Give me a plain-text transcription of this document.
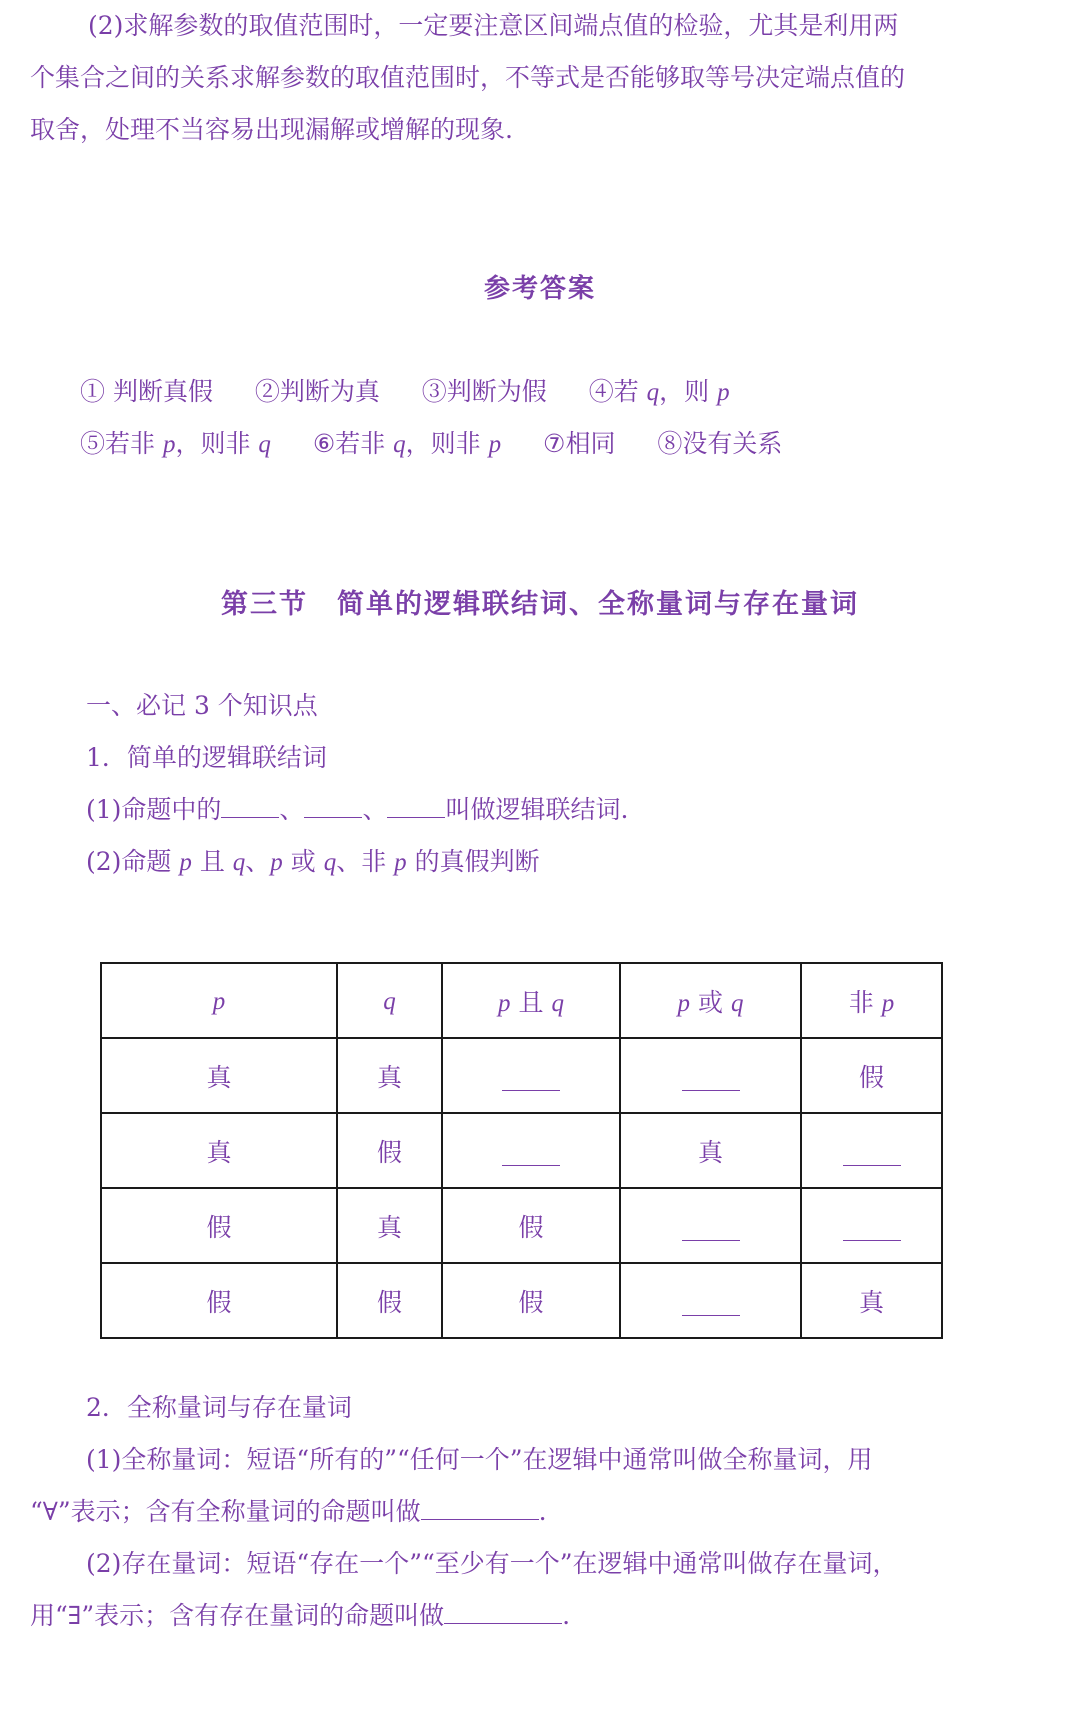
(2)求解参数的取值范围时，一定要注意区间端点值的检验，尤其是利用两
个集合之间的关系求解参数的取值范围时，不等式是否能够取等号决定端点值的
取舍，处理不当容易出现漏解或增解的现象.
参考答案
① 判断真假 ②判断为真 ③判断为假 ④若 q，则 p
⑤若非 p，则非 q ⑥若非 q，则非 p ⑦相同 ⑧没有关系
第三节　简单的逻辑联结词、全称量词与存在量词
一、必记 3 个知识点
1．简单的逻辑联结词
(1)命题中的 、 、 叫做逻辑联结词.
(2)命题 p 且 q、p 或 q、非 p 的真假判断
p	q	p 且 q	p 或 q	非 p
真	真			假
真	假		真	
假	真	假		
假	假	假		真
2．全称量词与存在量词
(1)全称量词：短语“所有的”“任何一个”在逻辑中通常叫做全称量词，用
“∀”表示；含有全称量词的命题叫做	.
(2)存在量词：短语“存在一个”“至少有一个”在逻辑中通常叫做存在量词，
用“∃”表示；含有存在量词的命题叫做	.
